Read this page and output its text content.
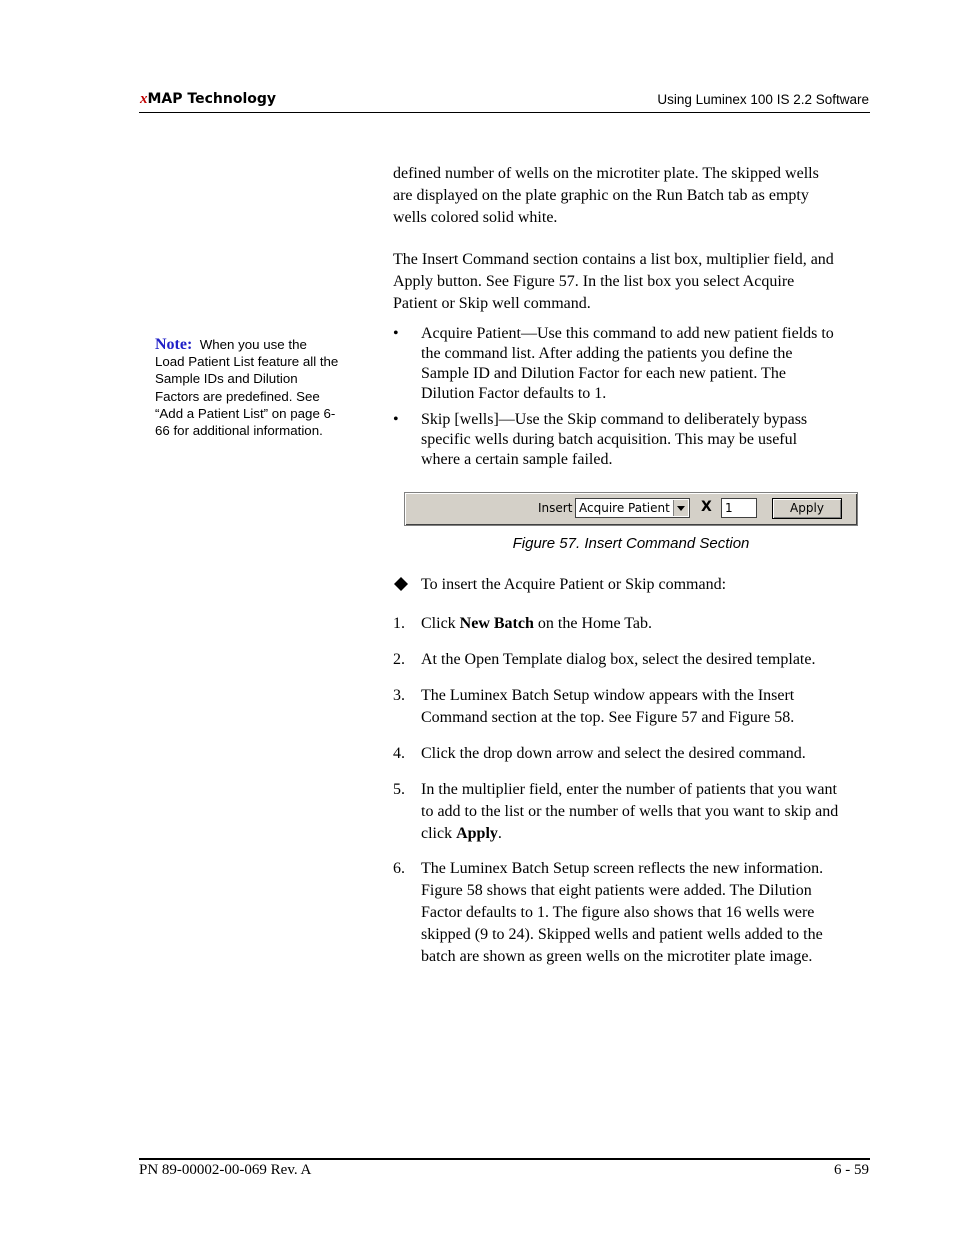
xMAP Technology	Using Luminex 100 IS 2.2 Software
defined number of wells on the microtiter plate. The skipped wells
are displayed on the plate graphic on the Run Batch tab as empty
wells colored solid white.
The Insert Command section contains a list box, multiplier field, and
Apply button. See Figure 57. In the list box you select Acquire
Patient or Skip well command.
Note: When you use the
Load Patient List feature all the
Sample IDs and Dilution
Factors are predefined. See
“Add a Patient List” on page 6-
66 for additional information.
• Acquire Patient—Use this command to add new patient fields to
the command list. After adding the patients you define the
Sample ID and Dilution Factor for each new patient. The
Dilution Factor defaults to 1.
• Skip [wells]—Use the Skip command to deliberately bypass
specific wells during batch acquisition. This may be useful
where a certain sample failed.
Insert Acquire Patient X	1	Apply
Figure 57. Insert Command Section
To insert the Acquire Patient or Skip command:
1. Click New Batch on the Home Tab.
2. At the Open Template dialog box, select the desired template.
3. The Luminex Batch Setup window appears with the Insert
Command section at the top. See Figure 57 and Figure 58.
4. Click the drop down arrow and select the desired command.
5. In the multiplier field, enter the number of patients that you want
to add to the list or the number of wells that you want to skip and
click Apply.
6. The Luminex Batch Setup screen reflects the new information.
Figure 58 shows that eight patients were added. The Dilution
Factor defaults to 1. The figure also shows that 16 wells were
skipped (9 to 24). Skipped wells and patient wells added to the
batch are shown as green wells on the microtiter plate image.
PN 89-00002-00-069 Rev. A	6 - 59
